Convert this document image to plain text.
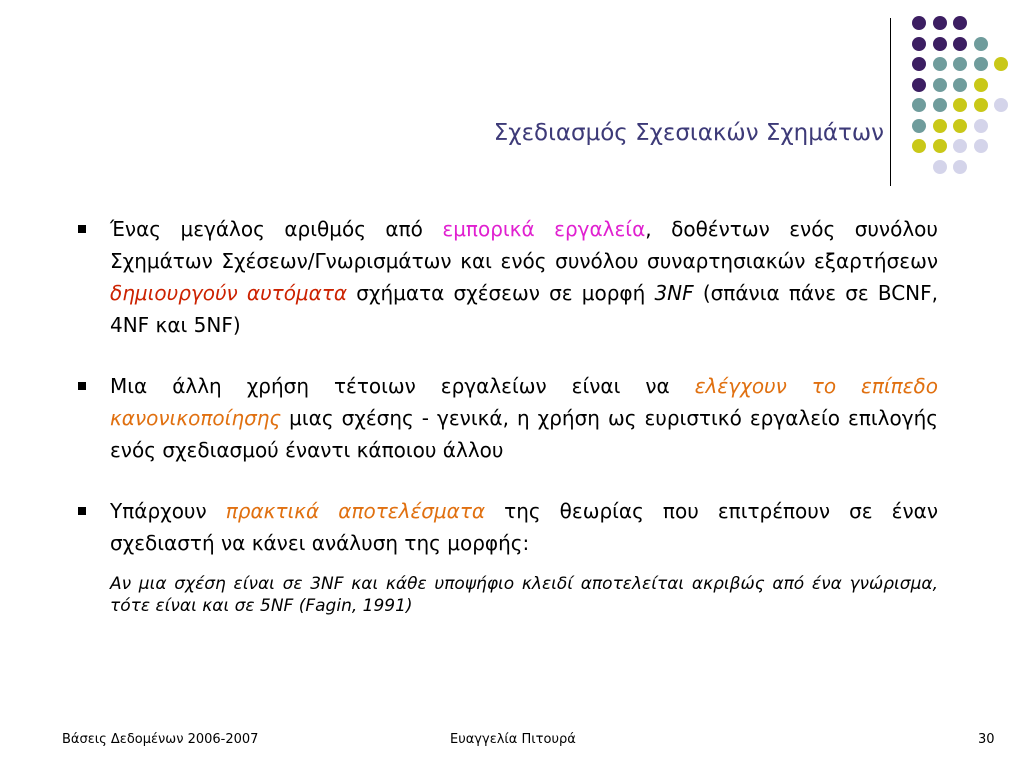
Σχεδιασμός Σχεσιακών Σχημάτων
Ένας μεγάλος αριθμός από εμπορικά εργαλεία, δοθέντων ενός συνόλου Σχημάτων Σχέσεων/Γνωρισμάτων και ενός συνόλου συναρτησιακών εξαρτήσεων δημιουργούν αυτόματα σχήματα σχέσεων σε μορφή 3NF (σπάνια πάνε σε BCNF, 4NF και 5NF)
Μια άλλη χρήση τέτοιων εργαλείων είναι να ελέγχουν το επίπεδο κανονικοποίησης μιας σχέσης - γενικά, η χρήση ως ευριστικό εργαλείο επιλογής ενός σχεδιασμού έναντι κάποιου άλλου
Υπάρχουν πρακτικά αποτελέσματα της θεωρίας που επιτρέπουν σε έναν σχεδιαστή να κάνει ανάλυση της μορφής:
Αν μια σχέση είναι σε 3NF και κάθε υποψήφιο κλειδί αποτελείται ακριβώς από ένα γνώρισμα, τότε είναι και σε 5NF (Fagin, 1991)
Βάσεις Δεδομένων 2006-2007	Ευαγγελία Πιτουρά	30
